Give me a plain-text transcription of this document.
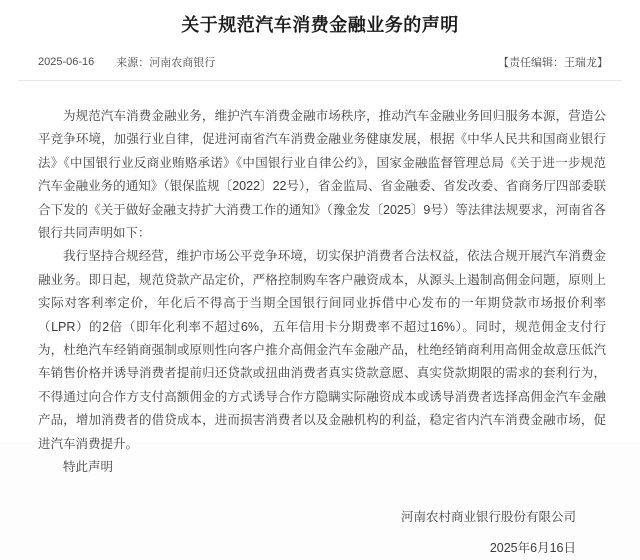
关于规范汽车消费金融业务的声明
2025-06-16 来源：河南农商银行	【责任编辑：王瑞龙】

为规范汽车消费金融业务，维护汽车消费金融市场秩序，推动汽车金融业务回归服务本源，营造公平竞争环境，加强行业自律，促进河南省汽车消费金融业务健康发展，根据《中华人民共和国商业银行法》《中国银行业反商业贿赂承诺》《中国银行业自律公约》，国家金融监督管理总局《关于进一步规范汽车金融业务的通知》（银保监规〔2022〕22号），省金监局、省金融委、省发改委、省商务厅四部委联合下发的《关于做好金融支持扩大消费工作的通知》（豫金发〔2025〕9号）等法律法规要求，河南省各银行共同声明如下：

我行坚持合规经营，维护市场公平竞争环境，切实保护消费者合法权益，依法合规开展汽车消费金融业务。即日起，规范贷款产品定价，严格控制购车客户融资成本，从源头上遏制高佣金问题，原则上实际对客利率定价，年化后不得高于当期全国银行间同业拆借中心发布的一年期贷款市场报价利率（LPR）的2倍（即年化利率不超过6%，五年信用卡分期费率不超过16%）。同时，规范佣金支付行为，杜绝汽车经销商强制或原则性向客户推介高佣金汽车金融产品，杜绝经销商利用高佣金故意压低汽车销售价格并诱导消费者提前归还贷款或扭曲消费者真实贷款意愿、真实贷款期限的需求的套利行为，不得通过向合作方支付高额佣金的方式诱导合作方隐瞒实际融资成本或诱导消费者选择高佣金汽车金融产品，增加消费者的借贷成本，进而损害消费者以及金融机构的利益，稳定省内汽车消费金融市场，促进汽车消费提升。

特此声明

河南农村商业银行股份有限公司
2025年6月16日
